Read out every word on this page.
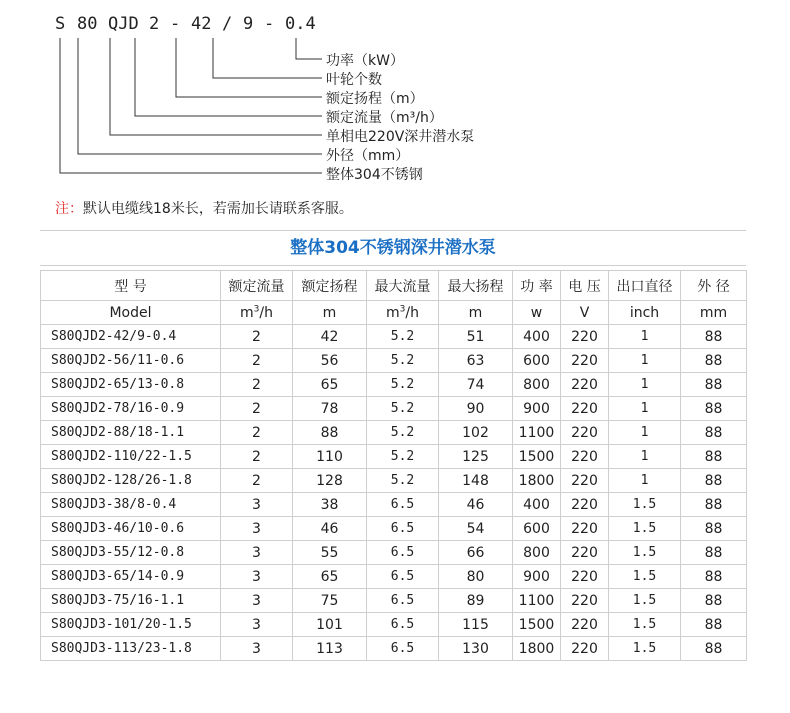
S 80 QJD 2 - 42 / 9 - 0.4
功率（kW）
叶轮个数
额定扬程（m）
额定流量（m³/h）
单相电220V深井潜水泵
外径（mm）
整体304不锈钢
注：默认电缆线18米长，若需加长请联系客服。
整体304不锈钢深井潜水泵
型 号	额定流量	额定扬程	最大流量	最大扬程	功 率	电 压	出口直径	外 径
Model	$m^3/h$	m	$m^3/h$	m	w	V	inch	mm
S80QJD2-42/9-0.4	2	42	5.2	51	400	220	1	88
S80QJD2-56/11-0.6	2	56	5.2	63	600	220	1	88
S80QJD2-65/13-0.8	2	65	5.2	74	800	220	1	88
S80QJD2-78/16-0.9	2	78	5.2	90	900	220	1	88
S80QJD2-88/18-1.1	2	88	5.2	102	1100	220	1	88
S80QJD2-110/22-1.5	2	110	5.2	125	1500	220	1	88
S80QJD2-128/26-1.8	2	128	5.2	148	1800	220	1	88
S80QJD3-38/8-0.4	3	38	6.5	46	400	220	1.5	88
S80QJD3-46/10-0.6	3	46	6.5	54	600	220	1.5	88
S80QJD3-55/12-0.8	3	55	6.5	66	800	220	1.5	88
S80QJD3-65/14-0.9	3	65	6.5	80	900	220	1.5	88
S80QJD3-75/16-1.1	3	75	6.5	89	1100	220	1.5	88
S80QJD3-101/20-1.5	3	101	6.5	115	1500	220	1.5	88
S80QJD3-113/23-1.8	3	113	6.5	130	1800	220	1.5	88
